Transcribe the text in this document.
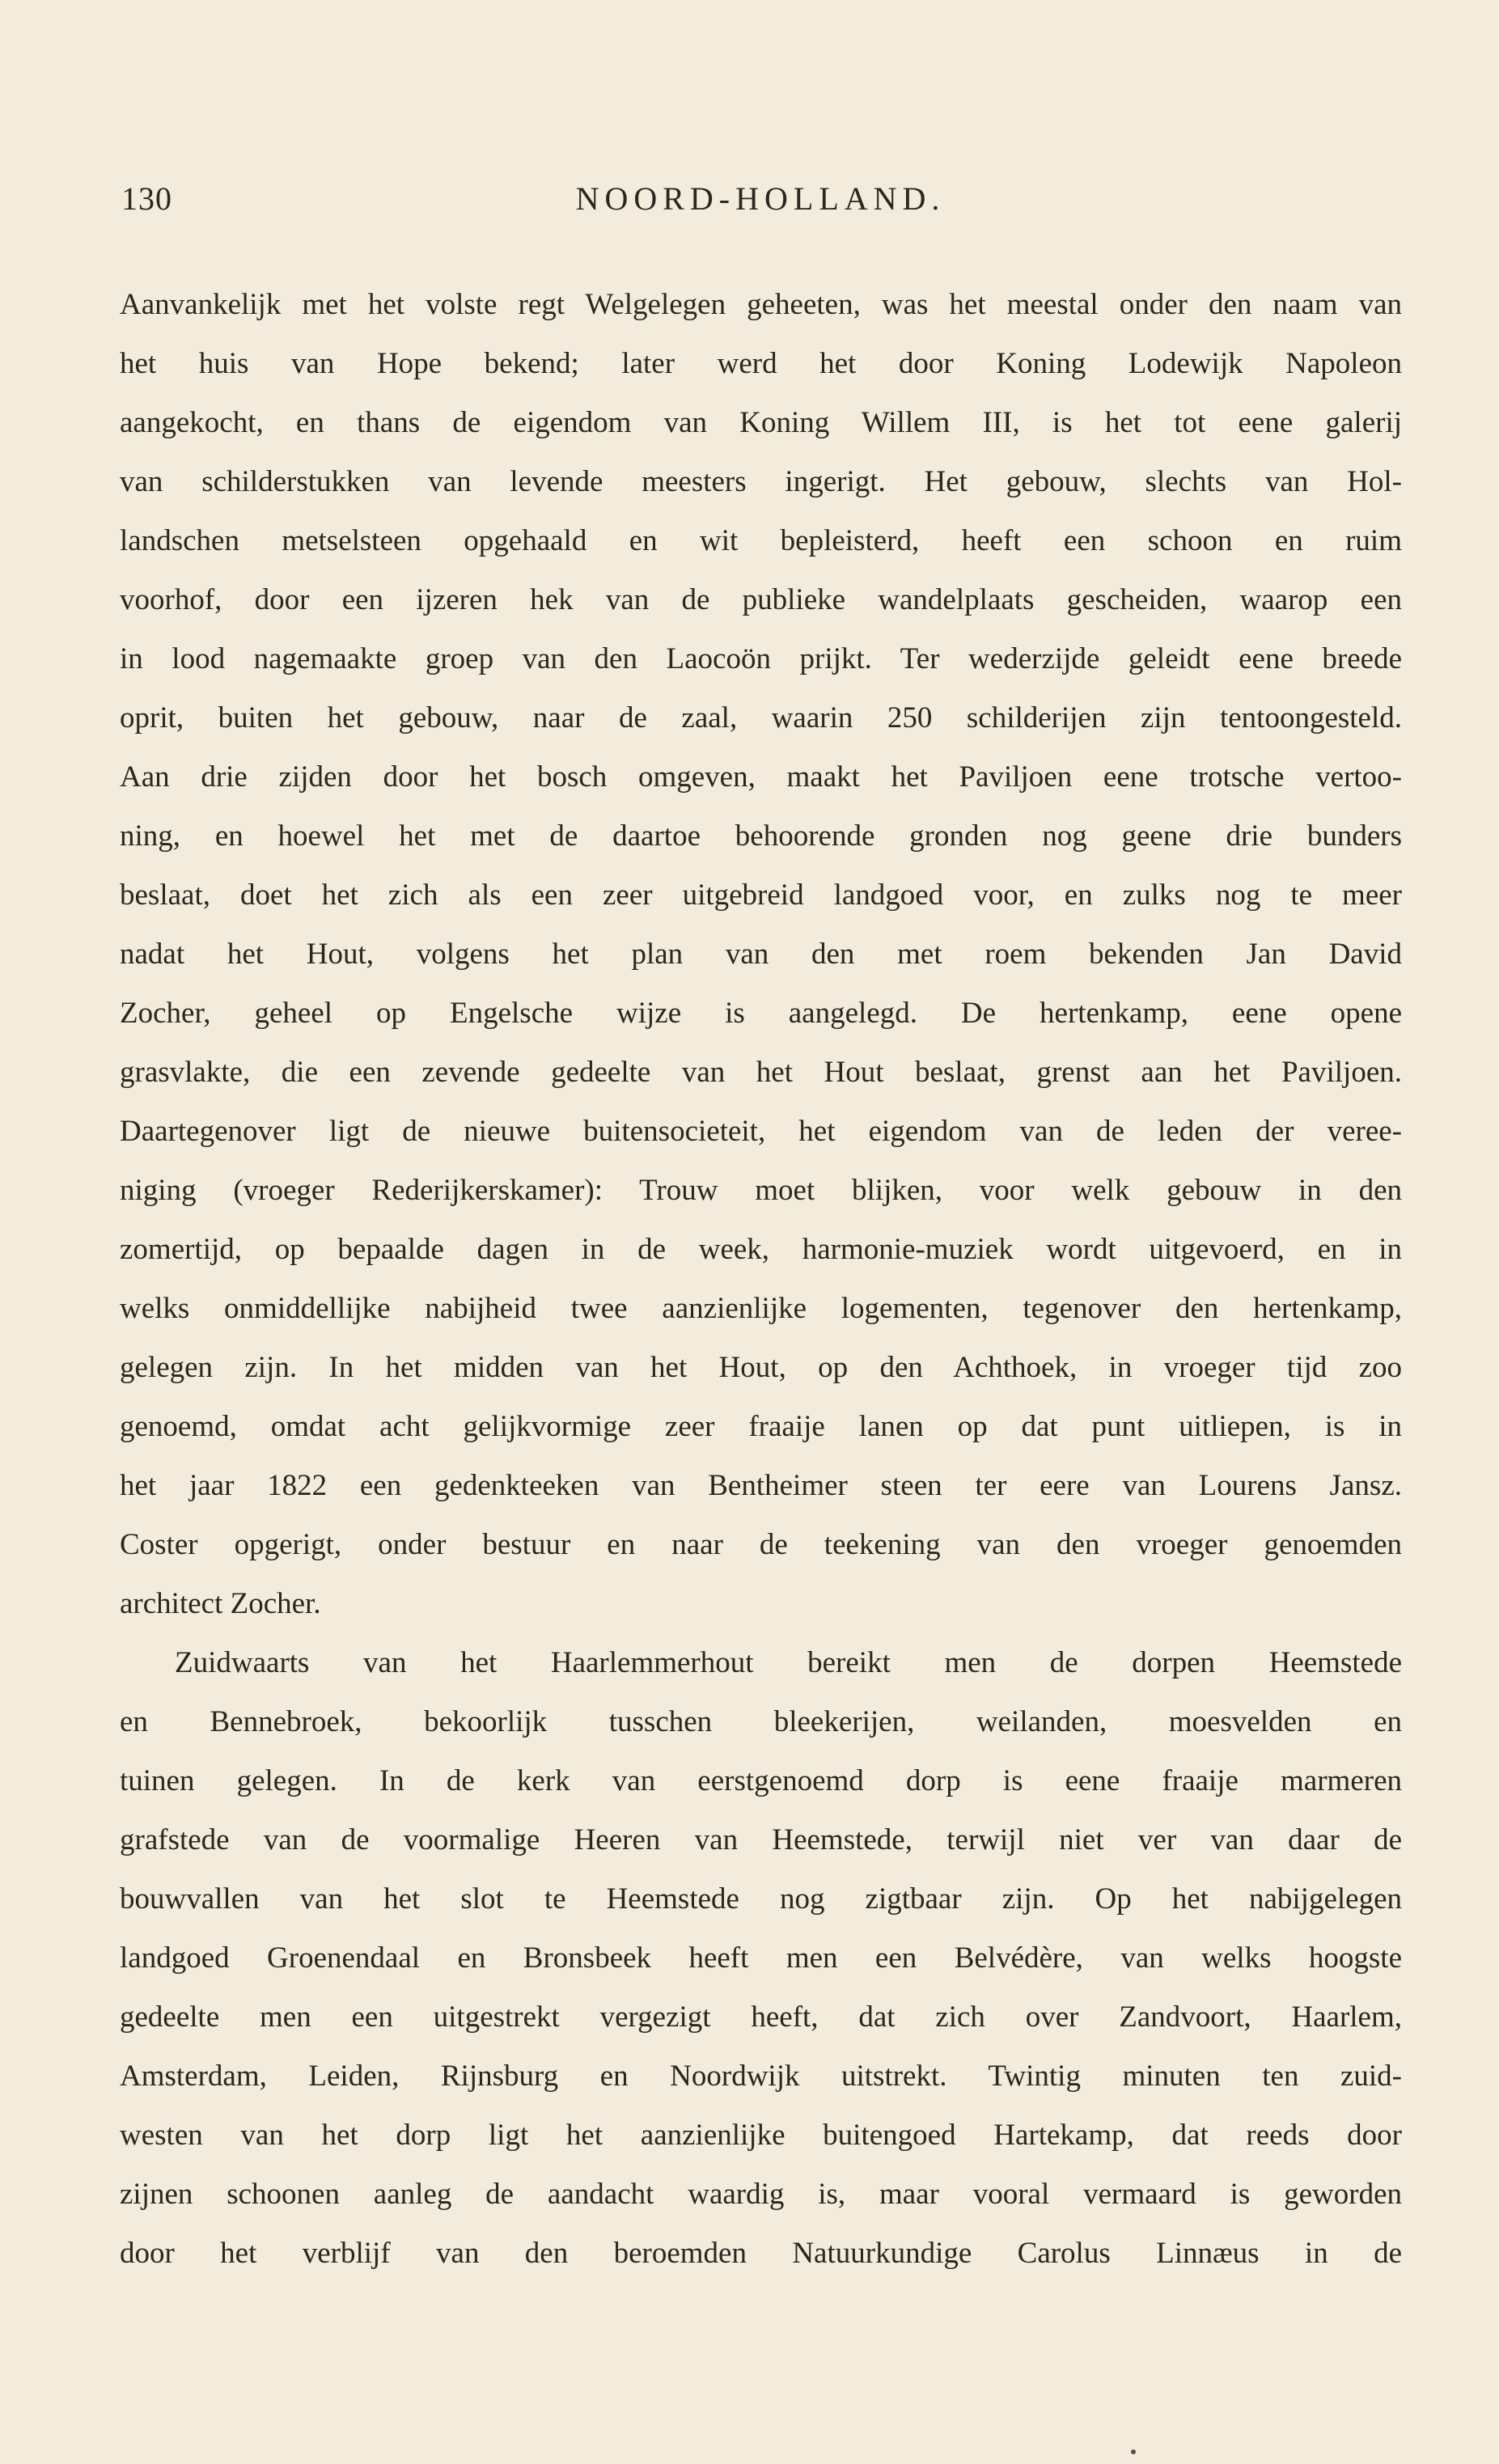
130	NOORD-HOLLAND.
Aanvankelijk met het volste regt Welgelegen geheeten, was het meestal onder den naam van
het huis van Hope bekend; later werd het door Koning Lodewijk Napoleon
aangekocht, en thans de eigendom van Koning Willem III, is het tot eene galerij
van schilderstukken van levende meesters ingerigt. Het gebouw, slechts van Hol-
landschen metselsteen opgehaald en wit bepleisterd, heeft een schoon en ruim
voorhof, door een ijzeren hek van de publieke wandelplaats gescheiden, waarop een
in lood nagemaakte groep van den Laocoön prijkt. Ter wederzijde geleidt eene breede
oprit, buiten het gebouw, naar de zaal, waarin 250 schilderijen zijn tentoongesteld.
Aan drie zijden door het bosch omgeven, maakt het Paviljoen eene trotsche vertoo-
ning, en hoewel het met de daartoe behoorende gronden nog geene drie bunders
beslaat, doet het zich als een zeer uitgebreid landgoed voor, en zulks nog te meer
nadat het Hout, volgens het plan van den met roem bekenden Jan David
Zocher, geheel op Engelsche wijze is aangelegd. De hertenkamp, eene opene
grasvlakte, die een zevende gedeelte van het Hout beslaat, grenst aan het Paviljoen.
Daartegenover ligt de nieuwe buitensocieteit, het eigendom van de leden der veree-
niging (vroeger Rederijkerskamer): Trouw moet blijken, voor welk gebouw in den
zomertijd, op bepaalde dagen in de week, harmonie-muziek wordt uitgevoerd, en in
welks onmiddellijke nabijheid twee aanzienlijke logementen, tegenover den hertenkamp,
gelegen zijn. In het midden van het Hout, op den Achthoek, in vroeger tijd zoo
genoemd, omdat acht gelijkvormige zeer fraaije lanen op dat punt uitliepen, is in
het jaar 1822 een gedenkteeken van Bentheimer steen ter eere van Lourens Jansz.
Coster opgerigt, onder bestuur en naar de teekening van den vroeger genoemden
architect Zocher.
Zuidwaarts van het Haarlemmerhout bereikt men de dorpen Heemstede
en Bennebroek, bekoorlijk tusschen bleekerijen, weilanden, moesvelden en
tuinen gelegen. In de kerk van eerstgenoemd dorp is eene fraaije marmeren
grafstede van de voormalige Heeren van Heemstede, terwijl niet ver van daar de
bouwvallen van het slot te Heemstede nog zigtbaar zijn. Op het nabijgelegen
landgoed Groenendaal en Bronsbeek heeft men een Belvédère, van welks hoogste
gedeelte men een uitgestrekt vergezigt heeft, dat zich over Zandvoort, Haarlem,
Amsterdam, Leiden, Rijnsburg en Noordwijk uitstrekt. Twintig minuten ten zuid-
westen van het dorp ligt het aanzienlijke buitengoed Hartekamp, dat reeds door
zijnen schoonen aanleg de aandacht waardig is, maar vooral vermaard is geworden
door het verblijf van den beroemden Natuurkundige Carolus Linnæus in de
